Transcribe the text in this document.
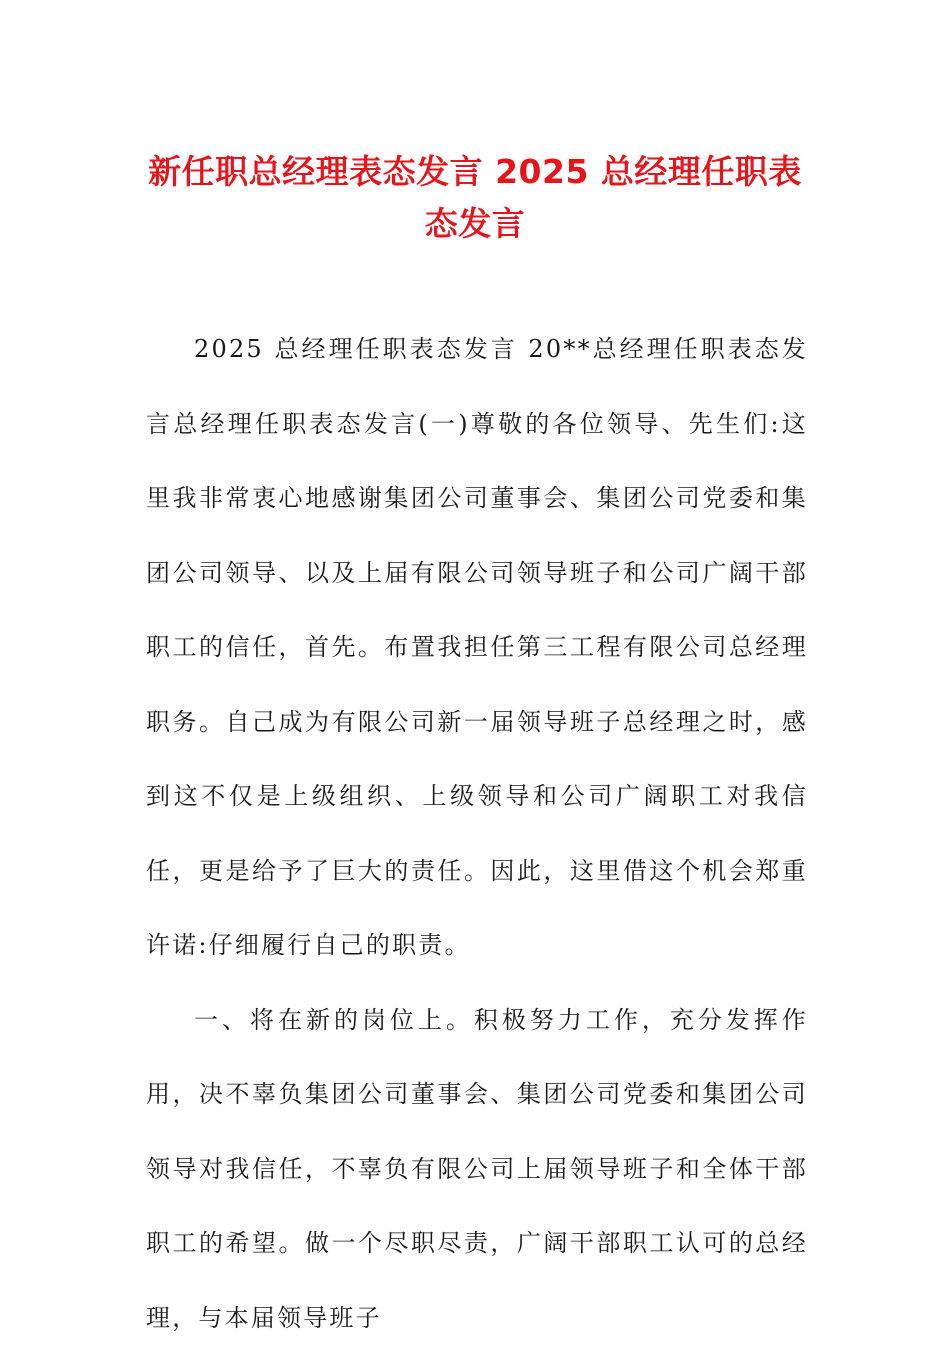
新任职总经理表态发言 2025 总经理任职表态发言

2025 总经理任职表态发言 20**总经理任职表态发言总经理任职表态发言(一)尊敬的各位领导、先生们:这里我非常衷心地感谢集团公司董事会、集团公司党委和集团公司领导、以及上届有限公司领导班子和公司广阔干部职工的信任，首先。布置我担任第三工程有限公司总经理职务。自己成为有限公司新一届领导班子总经理之时，感到这不仅是上级组织、上级领导和公司广阔职工对我信任，更是给予了巨大的责任。因此，这里借这个机会郑重许诺:仔细履行自己的职责。

一、将在新的岗位上。积极努力工作，充分发挥作用，决不辜负集团公司董事会、集团公司党委和集团公司领导对我信任，不辜负有限公司上届领导班子和全体干部职工的希望。做一个尽职尽责，广阔干部职工认可的总经理，与本届领导班子
